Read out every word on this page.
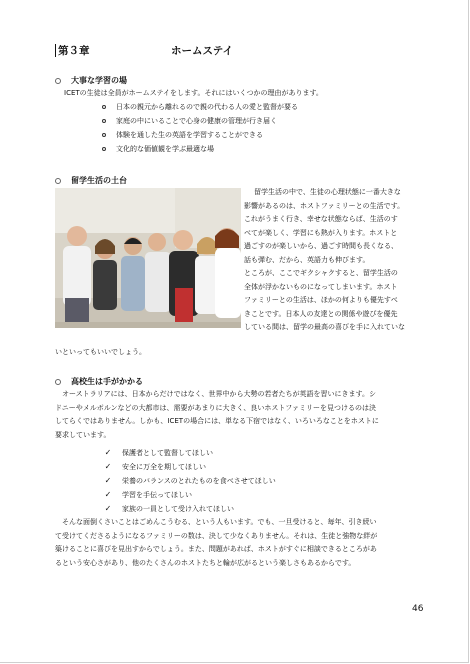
第３章	ホームステイ
大事な学習の場
ICETの生徒は全員がホームステイをします。それにはいくつかの理由があります。
日本の親元から離れるので親の代わる人の愛と監督が要る
家庭の中にいることで心身の健康の管理が行き届く
体験を通した生の英語を学習することができる
文化的な価値観を学ぶ最適な場
留学生活の土台

留学生活の中で、生徒の心理状態に一番大きな

影響があるのは、ホストファミリーとの生活です。

これがうまく行き、幸せな状態ならば、生活のす

べてが楽しく、学習にも熱が入ります。ホストと

過ごすのが楽しいから、過ごす時間も長くなる、

話も弾む、だから、英語力も伸びます。

ところが、ここでギクシャクすると、留学生活の

全体が浮かないものになってしまいます。ホスト

ファミリーとの生活は、ほかの何よりも優先すべ

きことです。日本人の友達との関係や遊びを優先

している間は、留学の最高の喜びを手に入れていな

いといってもいいでしょう。
高校生は手がかかる

オーストラリアには、日本からだけではなく、世界中から大勢の若者たちが英語を習いにきます。シ

ドニーやメルボルンなどの大都市は、需要があまりに大きく、良いホストファミリーを見つけるのは決

してらくではありません。しかも、ICETの場合には、単なる下宿ではなく、いろいろなことをホストに

要求しています。

✓	保護者として監督してほしい
✓	安全に万全を期してほしい
✓	栄養のバランスのとれたものを食べさせてほしい
✓	学習を手伝ってほしい
✓	家族の一員として受け入れてほしい

そんな面倒くさいことはごめんこうむる、という人もいます。でも、一旦受けると、毎年、引き続い

て受けてくださるようになるファミリーの数は、決して少なくありません。それは、生徒と強物な絆が

築けることに喜びを見出すからでしょう。また、問題があれば、ホストがすぐに相談できるところがあ

るという安心さがあり、他のたくさんのホストたちと輪が広がるという楽しさもあるからです。

46
